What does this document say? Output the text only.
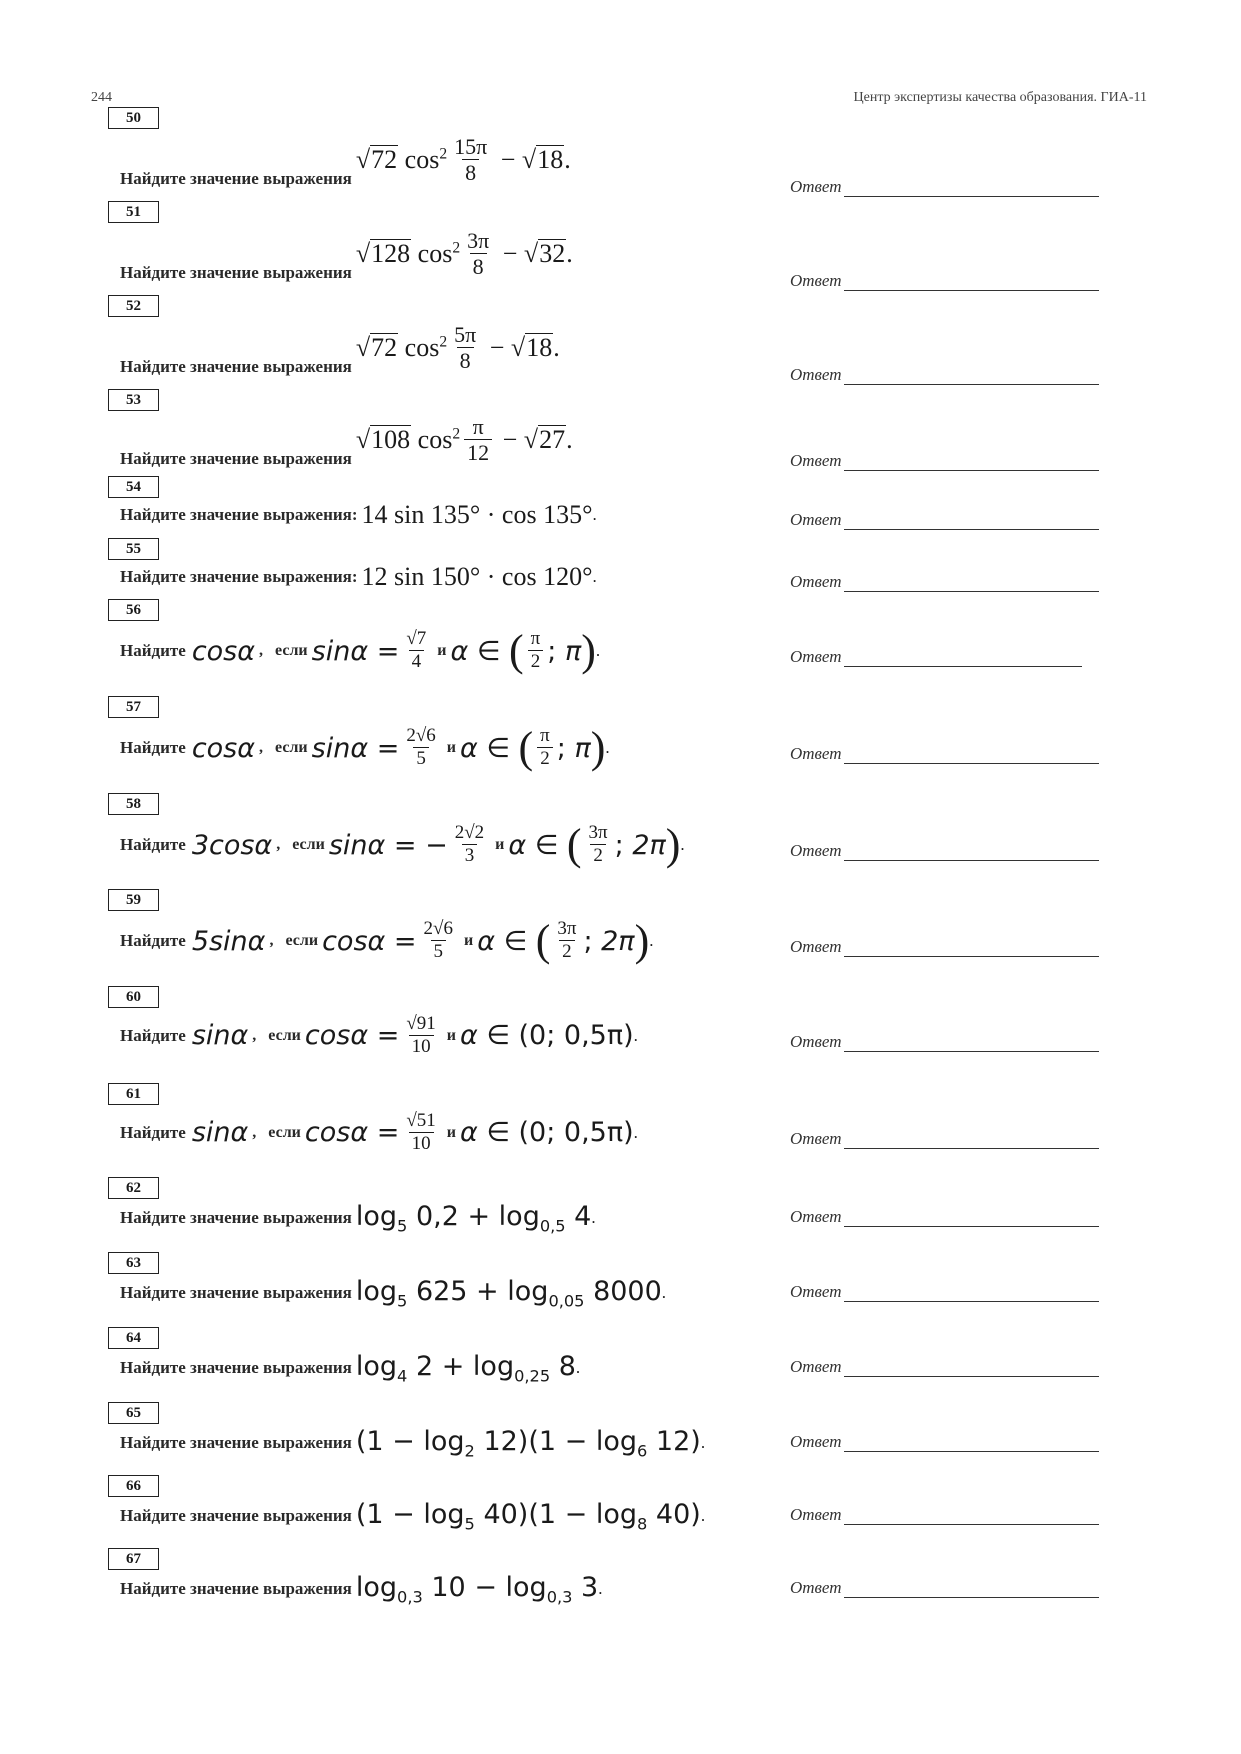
244	Центр экспертизы качества образования. ГИА-11
50
Найдите значение выражения
√ 72 $\cos^2 \frac{15\pi}{8}$ − √ 18 .
Ответ
51
Найдите значение выражения
√ 128 $\cos^2 \frac{3\pi}{8}$ − √ 32 .
Ответ
52
Найдите значение выражения
√ 72 $\cos^2 \frac{5\pi}{8}$ − √ 18 .
Ответ
53
Найдите значение выражения
√ 108 $\cos^2 \frac{\pi}{12}$ − √ 27 .
Ответ
54
Найдите значение выражения: 14 sin 135° · cos 135° .	Ответ
55
Найдите значение выражения: 12 sin 150° · cos 120° .	Ответ
56
Найдите cosα , если $\sin\alpha = \frac{√7}{4}$ и α ∈ ( $\frac{\pi}{2}$ ; π ) .	Ответ
57
Найдите cosα , если $\sin\alpha = \frac{2√6}{5}$ и α ∈ ( $\frac{\pi}{2}$ ; π ) .	Ответ
58
Найдите 3cosα , если sinα = − $\frac{2√2}{3}$ и α ∈ ( $\frac{3\pi}{2}$ ; 2π ) .	Ответ
59
Найдите 5sinα , если $\cos\alpha = \frac{2√6}{5}$ и α ∈ ( $\frac{3\pi}{2}$ ; 2π ) .	Ответ
60
Найдите sinα , если $\cos\alpha = \frac{√91}{10}$ и α ∈ (0; 0,5π) .	Ответ
61
Найдите sinα , если $\cos\alpha = \frac{√51}{10}$ и α ∈ (0; 0,5π) .	Ответ
62
Найдите значение выражения $\log_5 0,2 + \log_{0,5} 4$ .	Ответ
63
Найдите значение выражения $\log_5 625 + \log_{0,05} 8000$ .	Ответ
64
Найдите значение выражения $\log_4 2 + \log_{0,25} 8$ .	Ответ
65
Найдите значение выражения $(1 - \log_2 12)(1 - \log_6 12)$ .	Ответ
66
Найдите значение выражения $(1 - \log_5 40)(1 - \log_8 40)$ .	Ответ
67
Найдите значение выражения $\log_{0,3} 10 - \log_{0,3} 3$ .	Ответ
